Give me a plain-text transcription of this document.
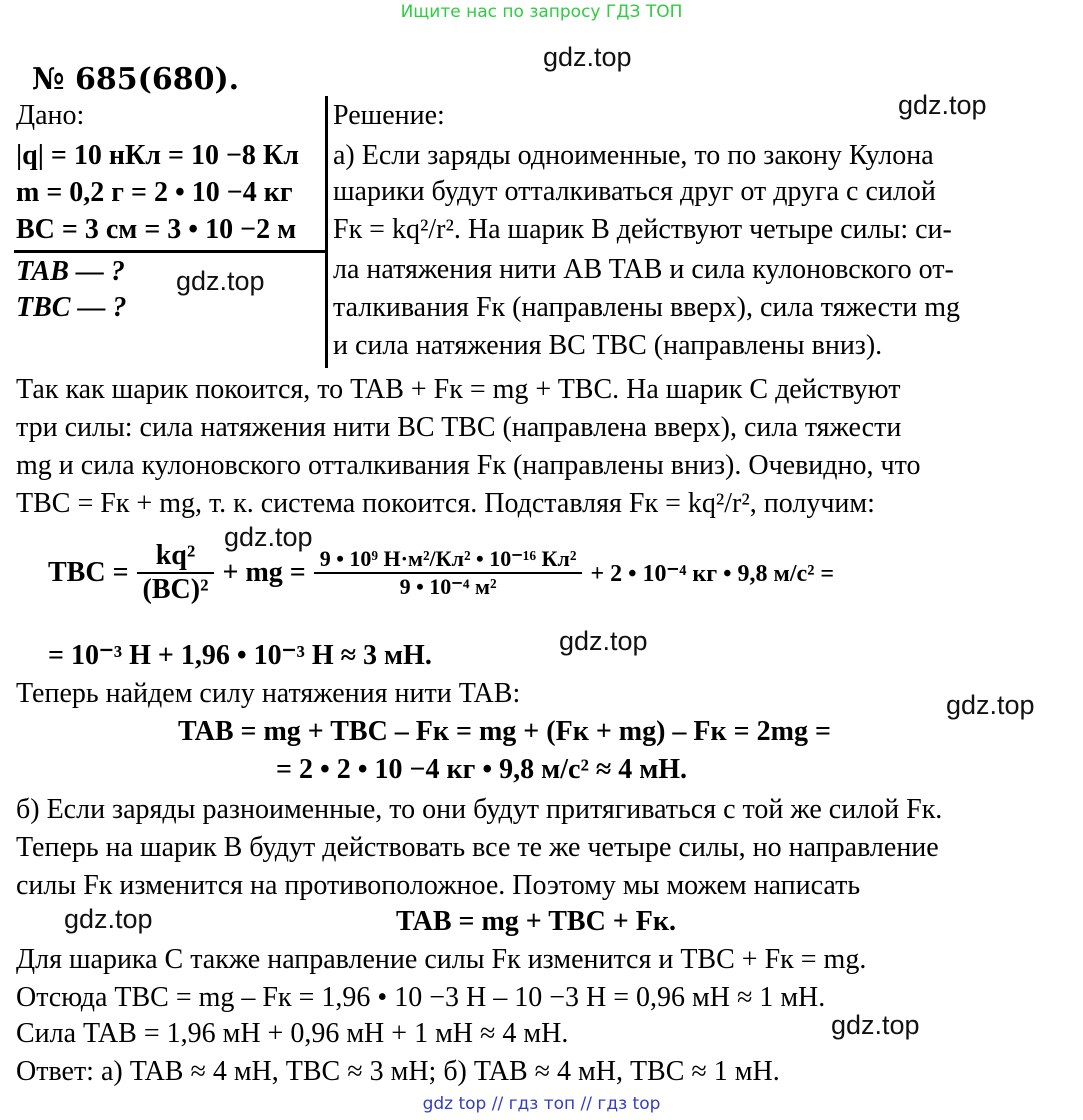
Ищите нас по запросу ГДЗ ТОП
gdz.top
gdz.top
gdz.top
gdz.top
gdz.top
gdz.top
gdz.top
gdz.top
№ 685(680).
Дано:
|q| = 10 нКл = 10 −8 Кл
m = 0,2 г = 2 • 10 −4 кг
BC = 3 см = 3 • 10 −2 м
TAB — ?
TBC — ?
Решение:
а) Если заряды одноименные, то по закону Кулона
шарики будут отталкиваться друг от друга с силой
Fк = kq²/r². На шарик B действуют четыре силы: си-
ла натяжения нити AB TAB и сила кулоновского от-
талкивания Fк (направлены вверх), сила тяжести mg
и сила натяжения BC TBC (направлены вниз).
Так как шарик покоится, то TAB + Fк = mg + TBC. На шарик С действуют
три силы: сила натяжения нити BC TBC (направлена вверх), сила тяжести
mg и сила кулоновского отталкивания Fк (направлены вниз). Очевидно, что
TBC = Fк + mg, т. к. система покоится. Подставляя Fк = kq²/r², получим:
TBC = $\frac{\text{kq²}}{\text{(BC)²}}$ + mg = $\frac{\text{9 • 10⁹ Н·м²/Кл² • 10⁻¹⁶ Кл²}}{\text{9 • 10⁻⁴ м²}} + 2$ • 10⁻⁴ кг • 9,8 м/с² =
= 10⁻³ Н + 1,96 • 10⁻³ Н ≈ 3 мН.
Теперь найдем силу натяжения нити TAB:
TAB = mg + TBC – Fк = mg + (Fк + mg) – Fк = 2mg =
= 2 • 2 • 10 −4 кг • 9,8 м/с² ≈ 4 мН.
б) Если заряды разноименные, то они будут притягиваться с той же силой Fк.
Теперь на шарик B будут действовать все те же четыре силы, но направление
силы Fк изменится на противоположное. Поэтому мы можем написать
TAB = mg + TBC + Fк.
Для шарика C также направление силы Fк изменится и TBC + Fк = mg.
Отсюда TBC = mg – Fк = 1,96 • 10 −3 Н – 10 −3 Н = 0,96 мН ≈ 1 мН.
Сила TAB = 1,96 мН + 0,96 мН + 1 мН ≈ 4 мН.
Ответ: а) TAB ≈ 4 мН, TBC ≈ 3 мН; б) TAB ≈ 4 мН, TBC ≈ 1 мН.
gdz top // гдз топ // гдз top
